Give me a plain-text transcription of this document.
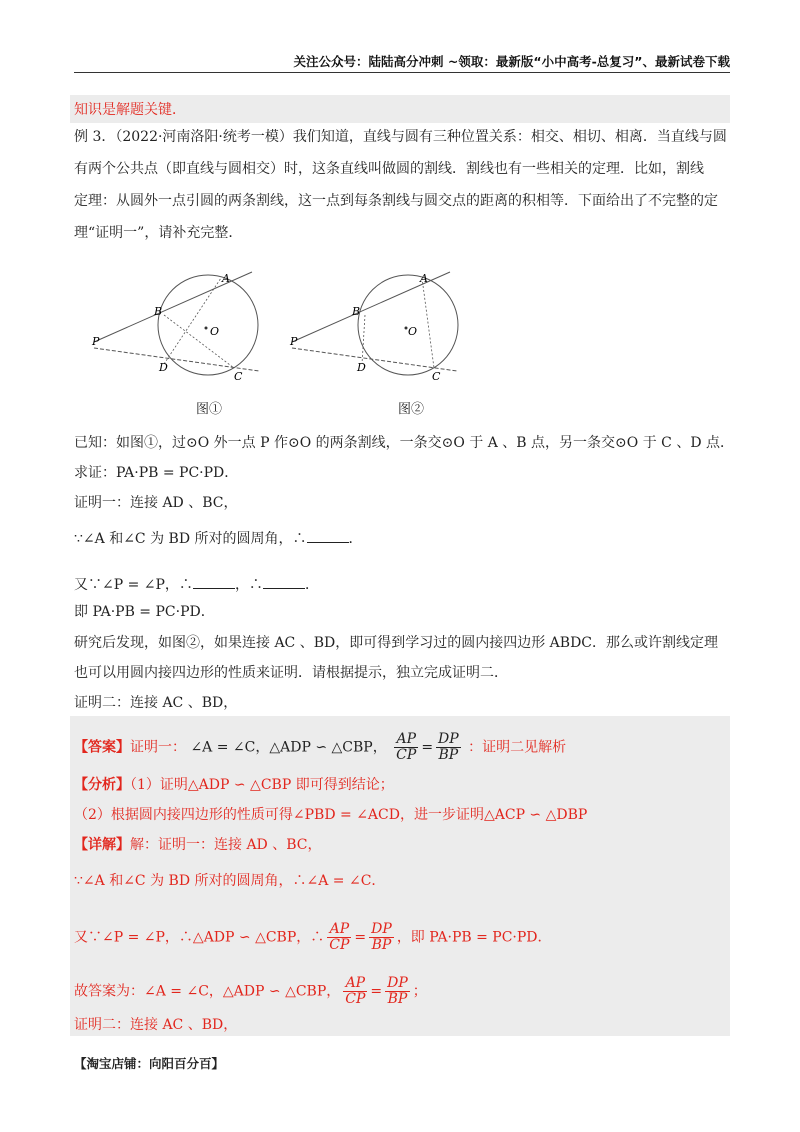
关注公众号：陆陆高分冲刺 ~领取：最新版“小中高考-总复习”、最新试卷下载
知识是解题关键．
例 3．（2022·河南洛阳·统考一模）我们知道，直线与圆有三种位置关系：相交、相切、相离．当直线与圆
有两个公共点（即直线与圆相交）时，这条直线叫做圆的割线．割线也有一些相关的定理．比如，割线
定理：从圆外一点引圆的两条割线，这一点到每条割线与圆交点的距离的积相等．下面给出了不完整的定
理“证明一”，请补充完整．
A
B
C
D
P
O
图①
A
B
C
D
P
O
图②
已知：如图①，过⊙O 外一点 P 作⊙O 的两条割线，一条交⊙O 于 A 、B 点，另一条交⊙O 于 C 、D 点．
求证：PA·PB = PC·PD．
证明一：连接 AD 、BC，
∵∠A 和∠C 为 BD 所对的圆周角，∴	．
又∵∠P = ∠P，∴	，∴	．
即 PA·PB = PC·PD．
研究后发现，如图②，如果连接 AC 、BD，即可得到学习过的圆内接四边形 ABDC．那么或许割线定理
也可以用圆内接四边形的性质来证明．请根据提示，独立完成证明二．
证明二：连接 AC 、BD，
【答案】证明一： ∠A = ∠C，△ADP ∽ △CBP， $\frac{AP}{CP} = \frac{DP}{BP}$ ：证明二见解析
【分析】（1）证明△ADP ∽ △CBP 即可得到结论；
（2）根据圆内接四边形的性质可得∠PBD = ∠ACD，进一步证明△ACP ∽ △DBP
【详解】解：证明一：连接 AD 、BC，
∵∠A 和∠C 为 BD 所对的圆周角，∴∠A = ∠C．
又∵∠P = ∠P，∴△ADP ∽ △CBP，∴ $\frac{AP}{CP} = \frac{DP}{BP}$ ，即 PA·PB = PC·PD．
故答案为：∠A = ∠C，△ADP ∽ △CBP， $\frac{AP}{CP} = \frac{DP}{BP}$ ；
证明二：连接 AC 、BD，
【淘宝店铺：向阳百分百】
